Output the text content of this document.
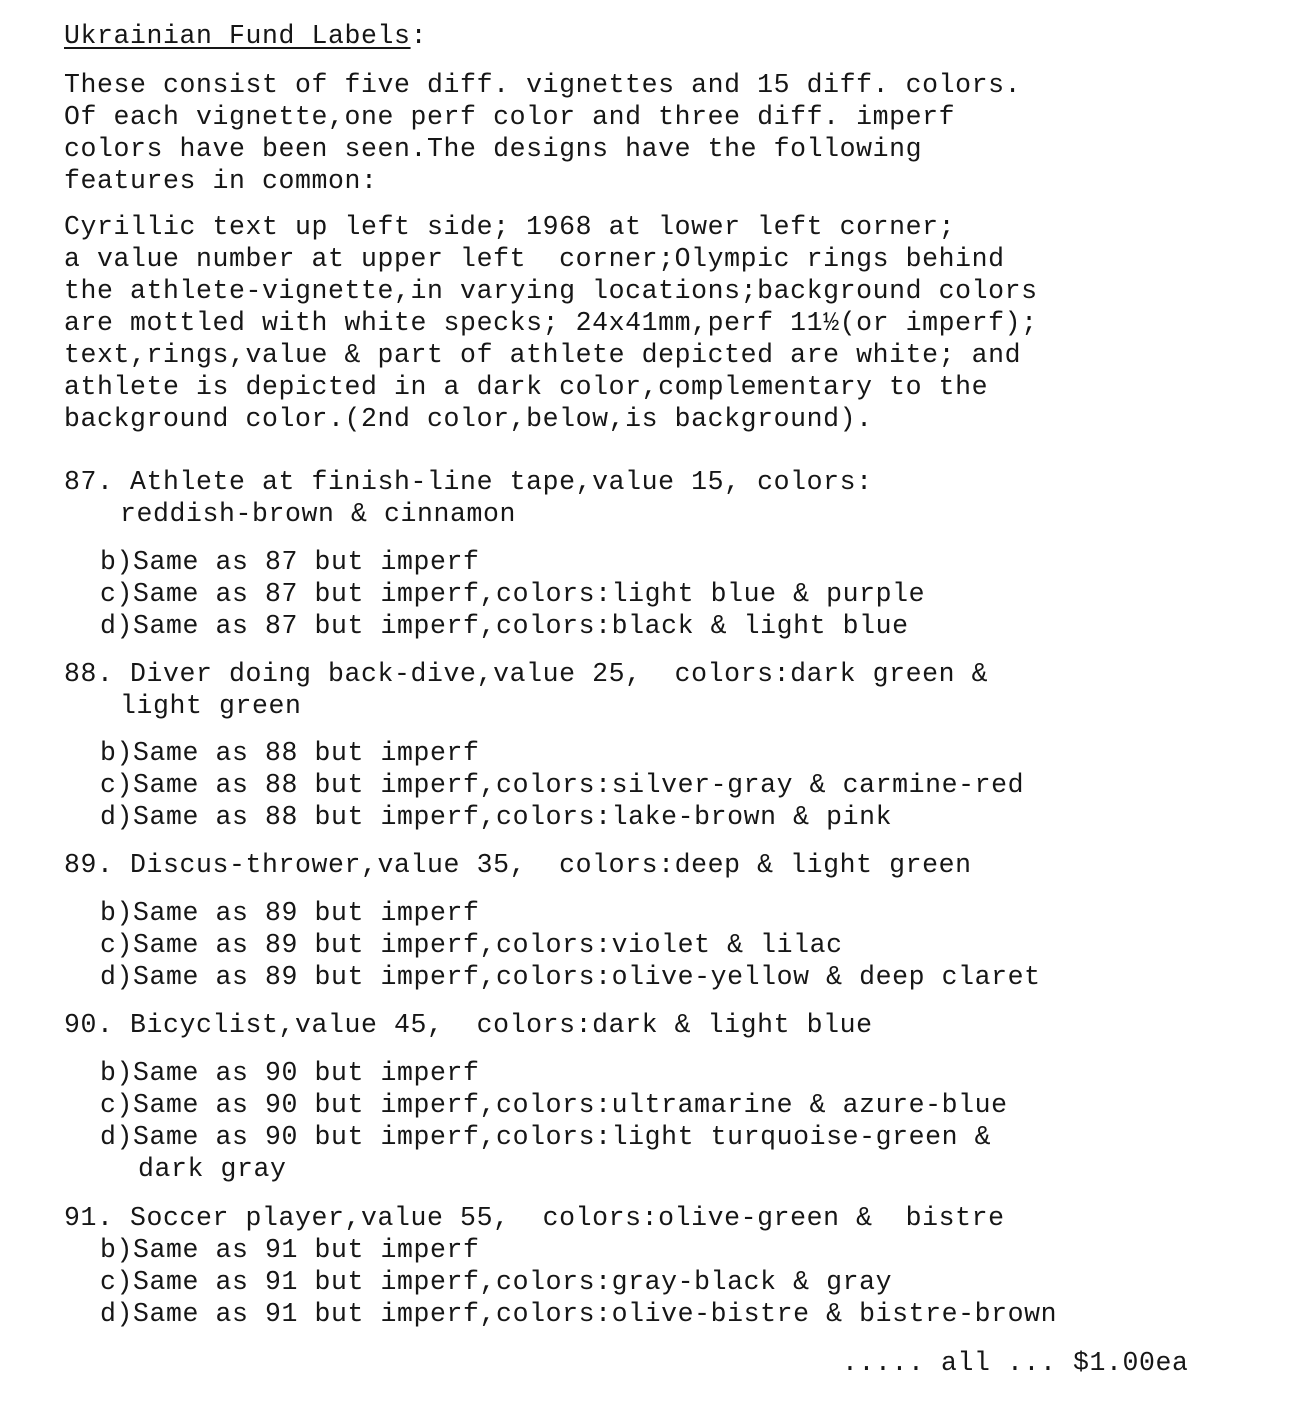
Ukrainian Fund Labels:
These consist of five diff. vignettes and 15 diff. colors.
Of each vignette,one perf color and three diff. imperf
colors have been seen.The designs have the following
features in common:
Cyrillic text up left side; 1968 at lower left corner;
a value number at upper left  corner;Olympic rings behind
the athlete-vignette,in varying locations;background colors
are mottled with white specks; 24x41mm,perf 11½(or imperf);
text,rings,value & part of athlete depicted are white; and
athlete is depicted in a dark color,complementary to the
background color.(2nd color,below,is background).
87. Athlete at finish-line tape,value 15, colors:
reddish-brown & cinnamon
b)Same as 87 but imperf
c)Same as 87 but imperf,colors:light blue & purple
d)Same as 87 but imperf,colors:black & light blue
88. Diver doing back-dive,value 25,  colors:dark green &
light green
b)Same as 88 but imperf
c)Same as 88 but imperf,colors:silver-gray & carmine-red
d)Same as 88 but imperf,colors:lake-brown & pink
89. Discus-thrower,value 35,  colors:deep & light green
b)Same as 89 but imperf
c)Same as 89 but imperf,colors:violet & lilac
d)Same as 89 but imperf,colors:olive-yellow & deep claret
90. Bicyclist,value 45,  colors:dark & light blue
b)Same as 90 but imperf
c)Same as 90 but imperf,colors:ultramarine & azure-blue
d)Same as 90 but imperf,colors:light turquoise-green &
dark gray
91. Soccer player,value 55,  colors:olive-green &  bistre
b)Same as 91 but imperf
c)Same as 91 but imperf,colors:gray-black & gray
d)Same as 91 but imperf,colors:olive-bistre & bistre-brown
..... all ... $1.00ea
